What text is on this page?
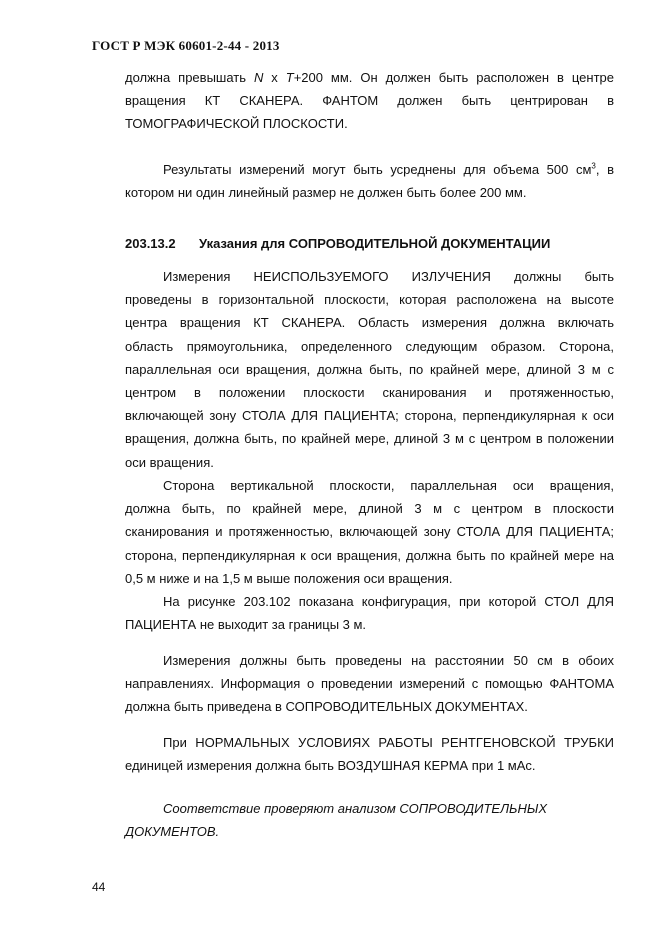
ГОСТ Р МЭК 60601-2-44 - 2013

должна превышать N x T+200 мм. Он должен быть расположен в центре
вращения КТ СКАНЕРА. ФАНТОМ должен быть центрирован в
ТОМОГРАФИЧЕСКОЙ ПЛОСКОСТИ.

Результаты измерений могут быть усреднены для объема 500 $см^3$, в
котором ни один линейный размер не должен быть более 200 мм.

203.13.2 Указания для СОПРОВОДИТЕЛЬНОЙ ДОКУМЕНТАЦИИ

Измерения НЕИСПОЛЬЗУЕМОГО ИЗЛУЧЕНИЯ должны быть
проведены в горизонтальной плоскости, которая расположена на высоте
центра вращения КТ СКАНЕРА. Область измерения должна включать
область прямоугольника, определенного следующим образом. Сторона,
параллельная оси вращения, должна быть, по крайней мере, длиной 3 м с
центром в положении плоскости сканирования и протяженностью,
включающей зону СТОЛА ДЛЯ ПАЦИЕНТА; сторона, перпендикулярная к оси
вращения, должна быть, по крайней мере, длиной 3 м с центром в положении
оси вращения.

Сторона вертикальной плоскости, параллельная оси вращения,
должна быть, по крайней мере, длиной 3 м с центром в плоскости
сканирования и протяженностью, включающей зону СТОЛА ДЛЯ ПАЦИЕНТА;
сторона, перпендикулярная к оси вращения, должна быть по крайней мере на
0,5 м ниже и на 1,5 м выше положения оси вращения.

На рисунке 203.102 показана конфигурация, при которой СТОЛ ДЛЯ
ПАЦИЕНТА не выходит за границы 3 м.

Измерения должны быть проведены на расстоянии 50 см в обоих
направлениях. Информация о проведении измерений с помощью ФАНТОМА
должна быть приведена в СОПРОВОДИТЕЛЬНЫХ ДОКУМЕНТАХ.

При НОРМАЛЬНЫХ УСЛОВИЯХ РАБОТЫ РЕНТГЕНОВСКОЙ ТРУБКИ
единицей измерения должна быть ВОЗДУШНАЯ КЕРМА при 1 мАс.

Соответствие проверяют анализом СОПРОВОДИТЕЛЬНЫХ
ДОКУМЕНТОВ.

44
